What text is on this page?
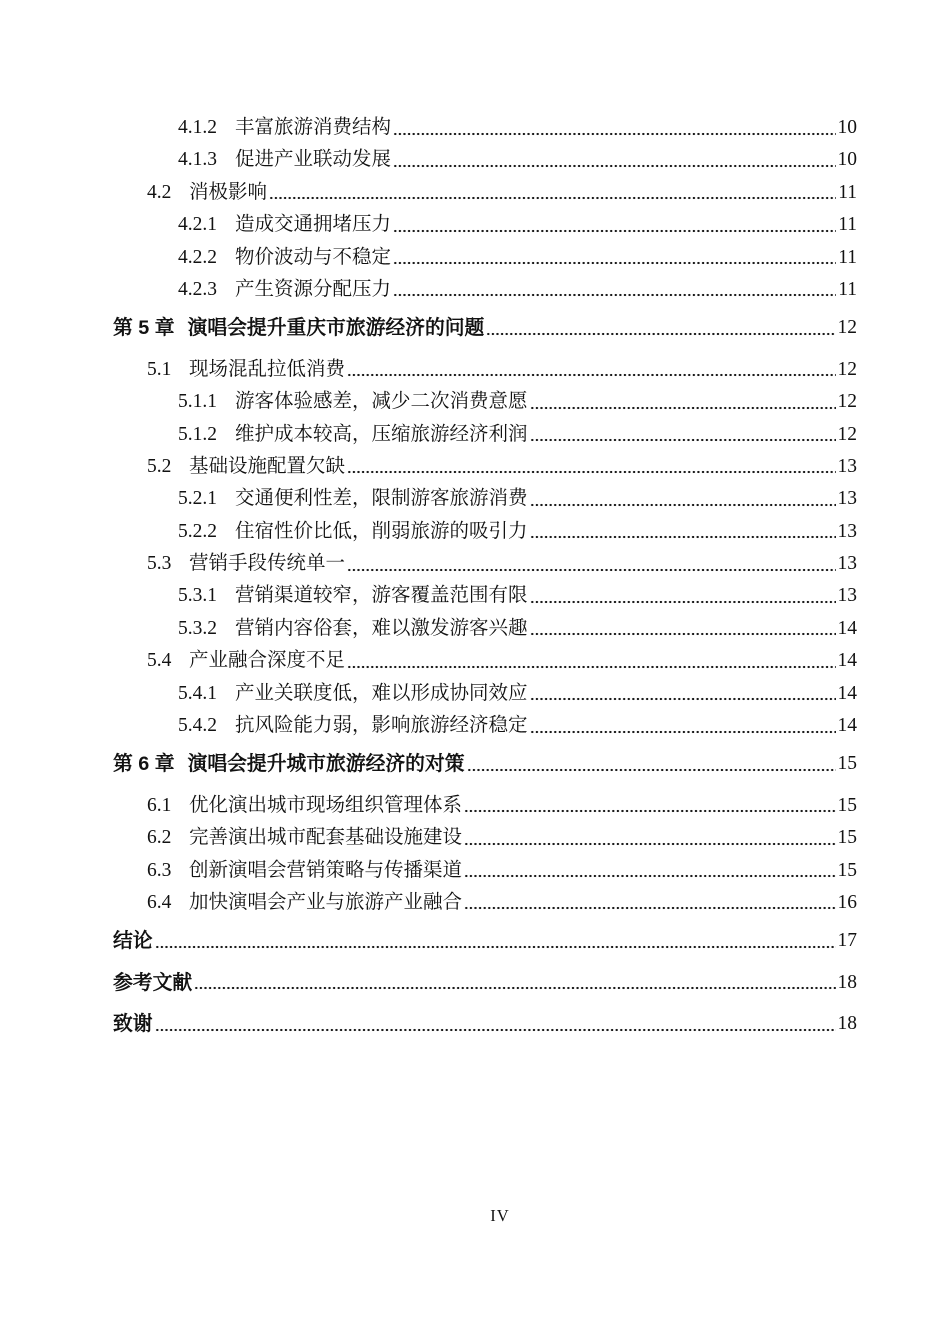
4.1.2 丰富旅游消费结构	10
4.1.3 促进产业联动发展	10
4.2 消极影响	11
4.2.1 造成交通拥堵压力	11
4.2.2 物价波动与不稳定	11
4.2.3 产生资源分配压力	11
第 5 章 演唱会提升重庆市旅游经济的问题	12
5.1 现场混乱拉低消费	12
5.1.1 游客体验感差，减少二次消费意愿	12
5.1.2 维护成本较高，压缩旅游经济利润	12
5.2 基础设施配置欠缺	13
5.2.1 交通便利性差，限制游客旅游消费	13
5.2.2 住宿性价比低，削弱旅游的吸引力	13
5.3 营销手段传统单一	13
5.3.1 营销渠道较窄，游客覆盖范围有限	13
5.3.2 营销内容俗套，难以激发游客兴趣	14
5.4 产业融合深度不足	14
5.4.1 产业关联度低，难以形成协同效应	14
5.4.2 抗风险能力弱，影响旅游经济稳定	14
第 6 章 演唱会提升城市旅游经济的对策	15
6.1 优化演出城市现场组织管理体系	15
6.2 完善演出城市配套基础设施建设	15
6.3 创新演唱会营销策略与传播渠道	15
6.4 加快演唱会产业与旅游产业融合	16
结论	17
参考文献	18
致谢	18
IV
